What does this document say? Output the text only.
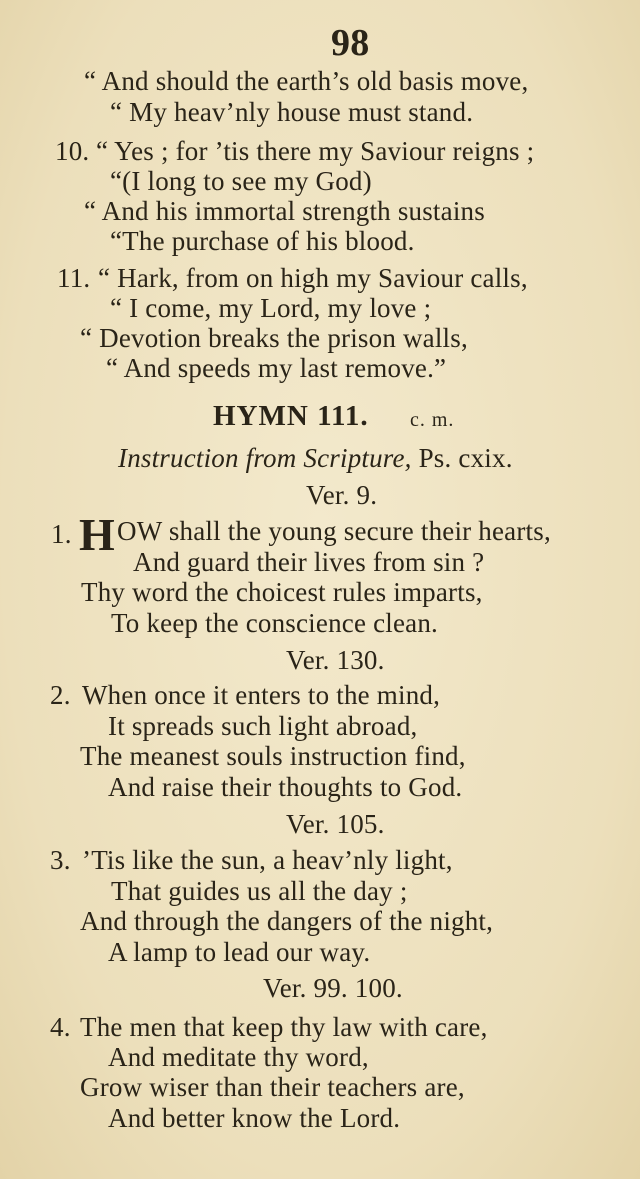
98
“ And should the earth’s old basis move,
“ My heav’nly house must stand.
10. “ Yes ; for ’tis there my Saviour reigns ;
“(I long to see my God)
“ And his immortal strength sustains
“The purchase of his blood.
11. “ Hark, from on high my Saviour calls,
“ I come, my Lord, my love ;
“ Devotion breaks the prison walls,
“ And speeds my last remove.”
HYMN 111. c. m.
Instruction from Scripture, Ps. cxix.
Ver. 9.
1. H OW shall the young secure their hearts,
And guard their lives from sin ?
Thy word the choicest rules imparts,
To keep the conscience clean.
Ver. 130.
2. When once it enters to the mind,
It spreads such light abroad,
The meanest souls instruction find,
And raise their thoughts to God.
Ver. 105.
3. ’Tis like the sun, a heav’nly light,
That guides us all the day ;
And through the dangers of the night,
A lamp to lead our way.
Ver. 99. 100.
4. The men that keep thy law with care,
And meditate thy word,
Grow wiser than their teachers are,
And better know the Lord.
